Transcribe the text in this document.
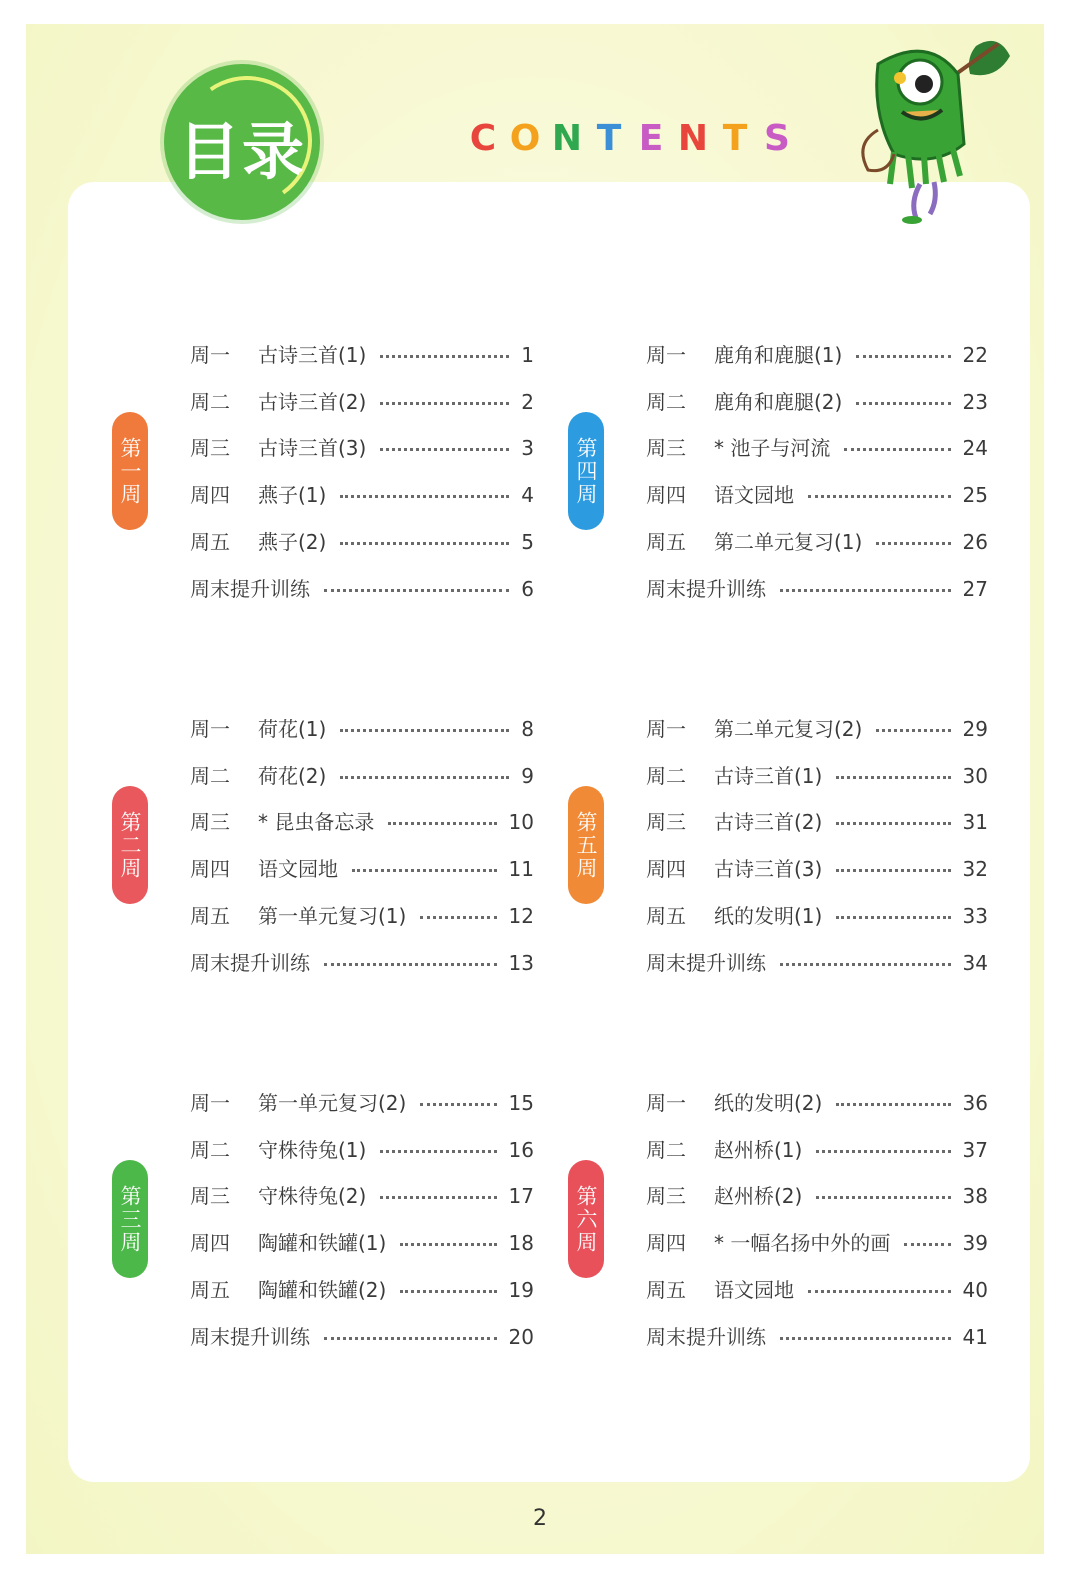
目录	C O N T E N T S
第一周
周一 古诗三首(1)	1
周二 古诗三首(2)	2
周三 古诗三首(3)	3
周四 燕子(1)	4
周五 燕子(2)	5
周末提升训练	6
第二周
周一 荷花(1)	8
周二 荷花(2)	9
周三 * 昆虫备忘录	10
周四 语文园地	11
周五 第一单元复习(1)	12
周末提升训练	13
第三周
周一 第一单元复习(2)	15
周二 守株待兔(1)	16
周三 守株待兔(2)	17
周四 陶罐和铁罐(1)	18
周五 陶罐和铁罐(2)	19
周末提升训练	20
第四周
周一 鹿角和鹿腿(1)	22
周二 鹿角和鹿腿(2)	23
周三 * 池子与河流	24
周四 语文园地	25
周五 第二单元复习(1)	26
周末提升训练	27
第五周
周一 第二单元复习(2)	29
周二 古诗三首(1)	30
周三 古诗三首(2)	31
周四 古诗三首(3)	32
周五 纸的发明(1)	33
周末提升训练	34
第六周
周一 纸的发明(2)	36
周二 赵州桥(1)	37
周三 赵州桥(2)	38
周四 * 一幅名扬中外的画	39
周五 语文园地	40
周末提升训练	41
2
